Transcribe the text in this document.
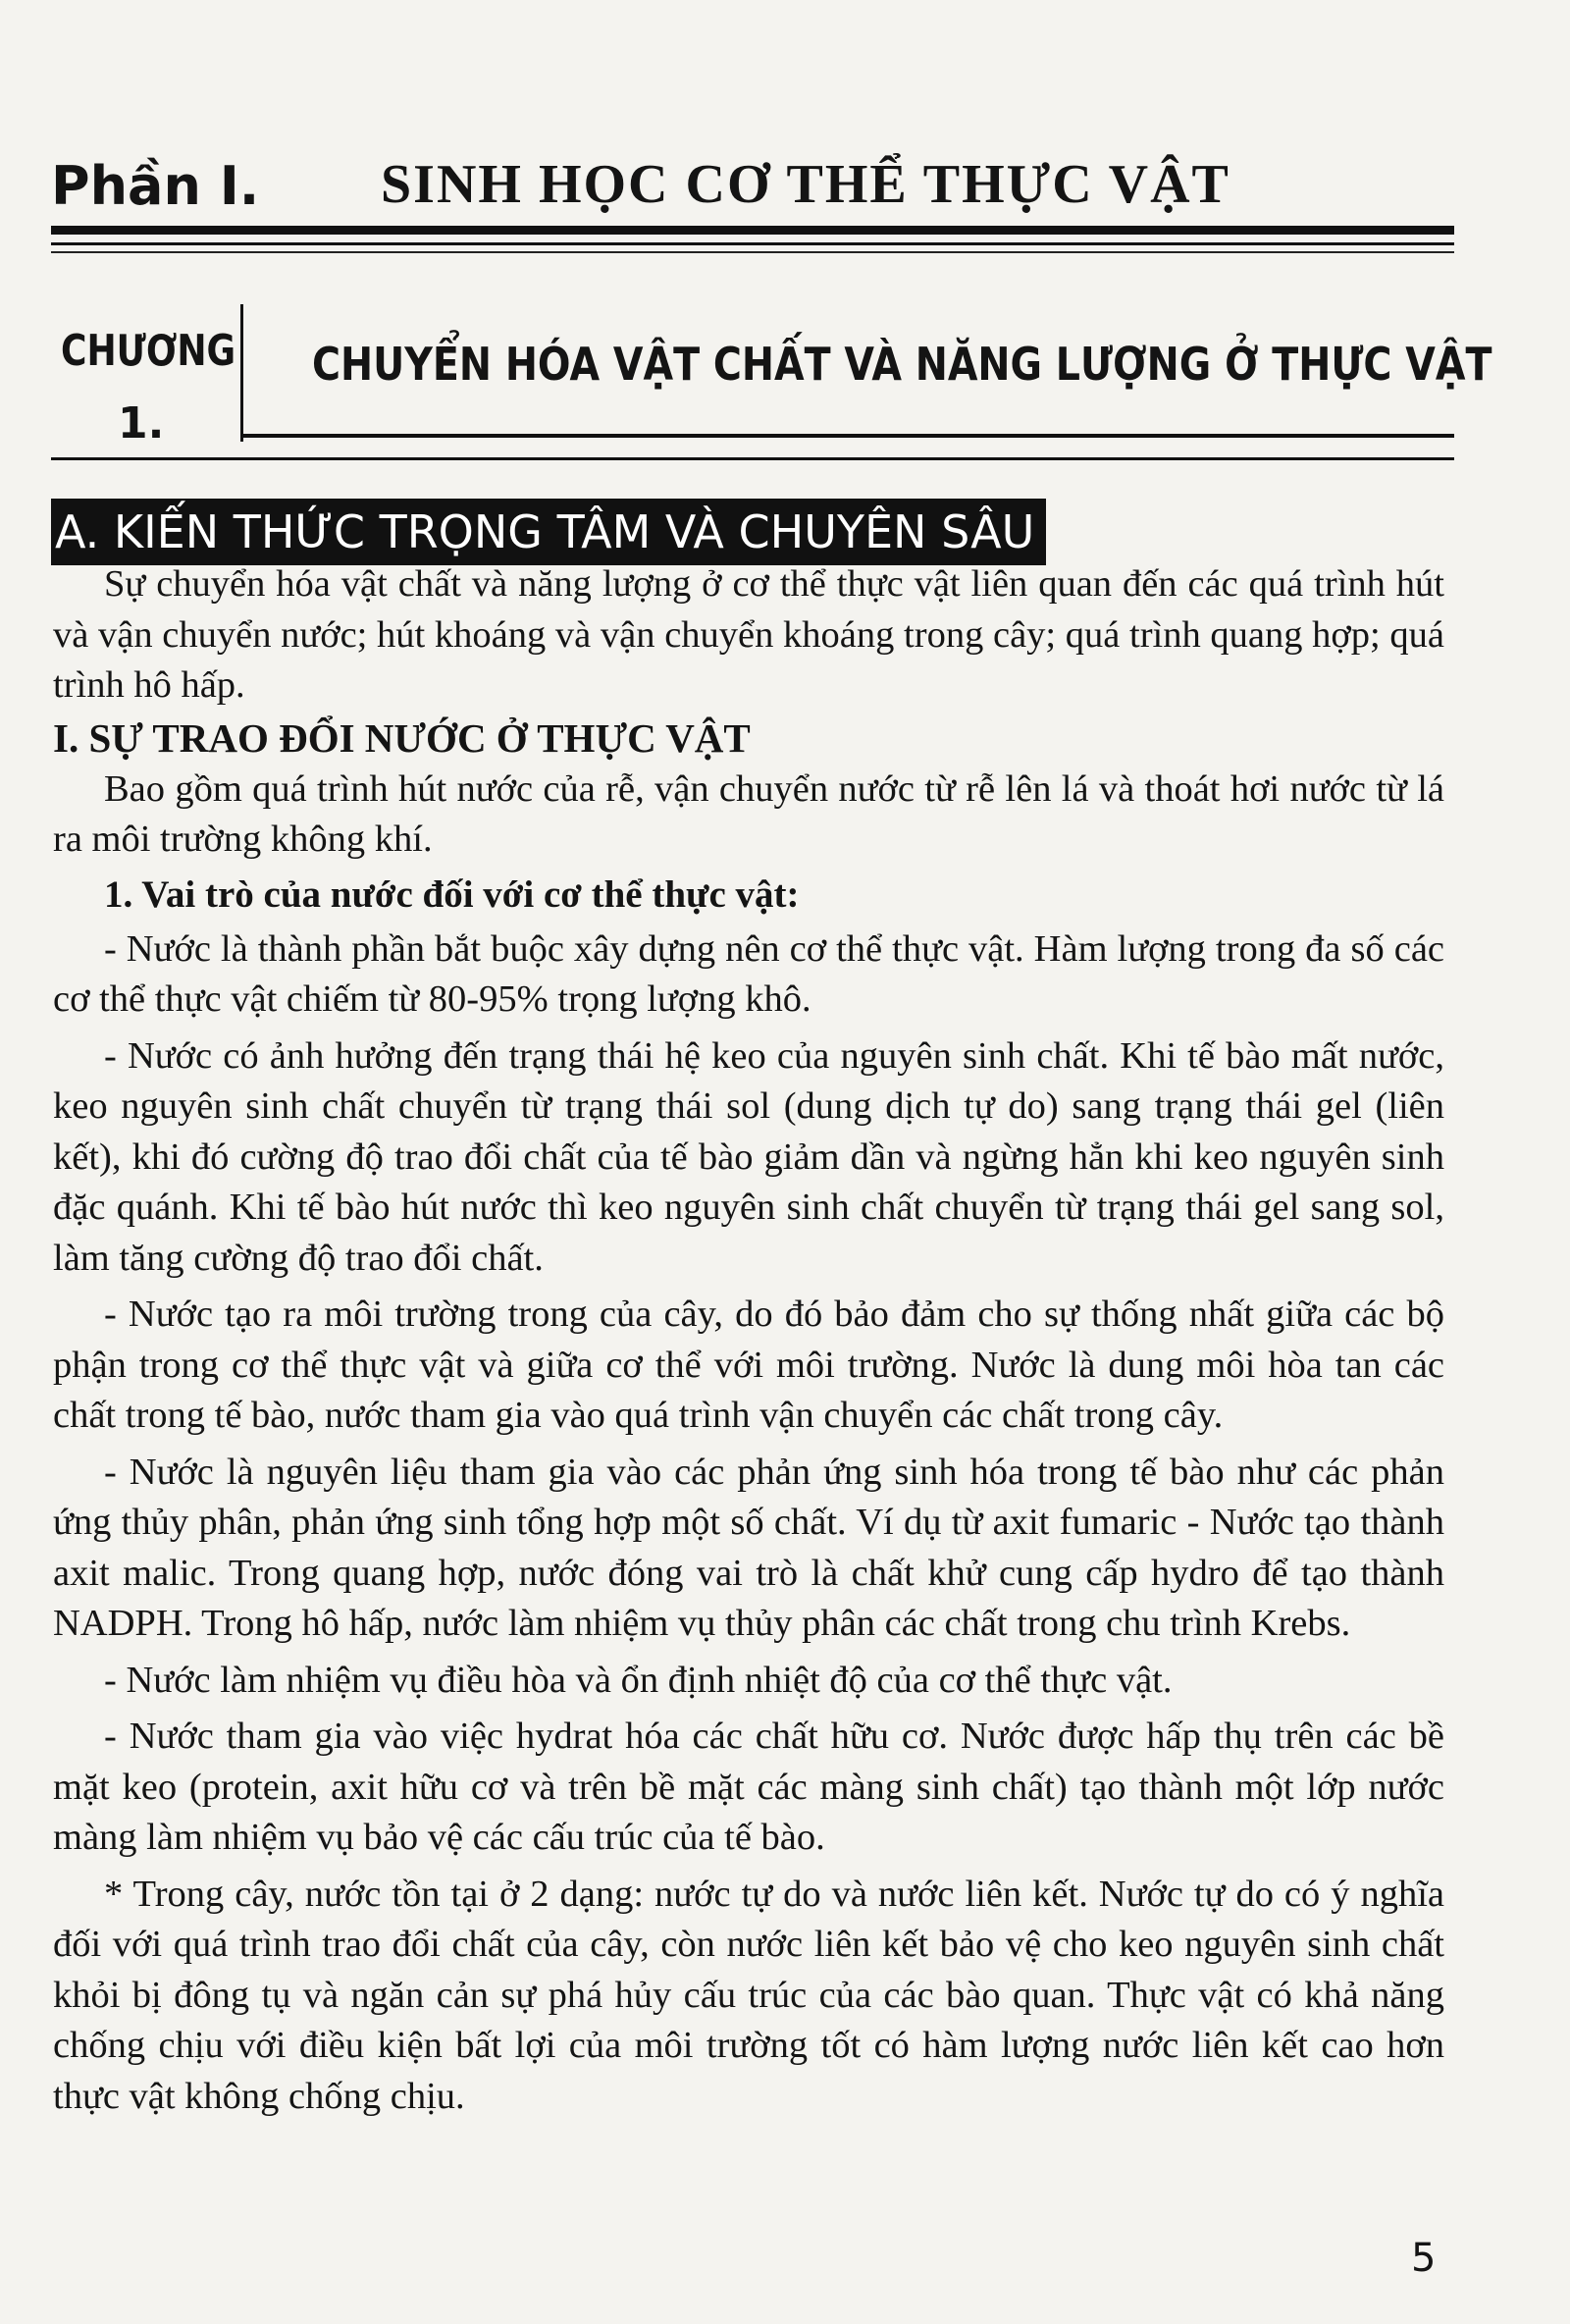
Phần I. SINH HỌC CƠ THỂ THỰC VẬT
CHƯƠNG
1.
CHUYỂN HÓA VẬT CHẤT VÀ NĂNG LƯỢNG Ở THỰC VẬT
A. KIẾN THỨC TRỌNG TÂM VÀ CHUYÊN SÂU

Sự chuyển hóa vật chất và năng lượng ở cơ thể thực vật liên quan đến các quá trình hút và vận chuyển nước; hút khoáng và vận chuyển khoáng trong cây; quá trình quang hợp; quá trình hô hấp.

I. SỰ TRAO ĐỔI NƯỚC Ở THỰC VẬT

Bao gồm quá trình hút nước của rễ, vận chuyển nước từ rễ lên lá và thoát hơi nước từ lá ra môi trường không khí.

1. Vai trò của nước đối với cơ thể thực vật:

- Nước là thành phần bắt buộc xây dựng nên cơ thể thực vật. Hàm lượng trong đa số các cơ thể thực vật chiếm từ 80-95% trọng lượng khô.

- Nước có ảnh hưởng đến trạng thái hệ keo của nguyên sinh chất. Khi tế bào mất nước, keo nguyên sinh chất chuyển từ trạng thái sol (dung dịch tự do) sang trạng thái gel (liên kết), khi đó cường độ trao đổi chất của tế bào giảm dần và ngừng hẳn khi keo nguyên sinh đặc quánh. Khi tế bào hút nước thì keo nguyên sinh chất chuyển từ trạng thái gel sang sol, làm tăng cường độ trao đổi chất.

- Nước tạo ra môi trường trong của cây, do đó bảo đảm cho sự thống nhất giữa các bộ phận trong cơ thể thực vật và giữa cơ thể với môi trường. Nước là dung môi hòa tan các chất trong tế bào, nước tham gia vào quá trình vận chuyển các chất trong cây.

- Nước là nguyên liệu tham gia vào các phản ứng sinh hóa trong tế bào như các phản ứng thủy phân, phản ứng sinh tổng hợp một số chất. Ví dụ từ axit fumaric - Nước tạo thành axit malic. Trong quang hợp, nước đóng vai trò là chất khử cung cấp hydro để tạo thành NADPH. Trong hô hấp, nước làm nhiệm vụ thủy phân các chất trong chu trình Krebs.

- Nước làm nhiệm vụ điều hòa và ổn định nhiệt độ của cơ thể thực vật.

- Nước tham gia vào việc hydrat hóa các chất hữu cơ. Nước được hấp thụ trên các bề mặt keo (protein, axit hữu cơ và trên bề mặt các màng sinh chất) tạo thành một lớp nước màng làm nhiệm vụ bảo vệ các cấu trúc của tế bào.

* Trong cây, nước tồn tại ở 2 dạng: nước tự do và nước liên kết. Nước tự do có ý nghĩa đối với quá trình trao đổi chất của cây, còn nước liên kết bảo vệ cho keo nguyên sinh chất khỏi bị đông tụ và ngăn cản sự phá hủy cấu trúc của các bào quan. Thực vật có khả năng chống chịu với điều kiện bất lợi của môi trường tốt có hàm lượng nước liên kết cao hơn thực vật không chống chịu.

5
